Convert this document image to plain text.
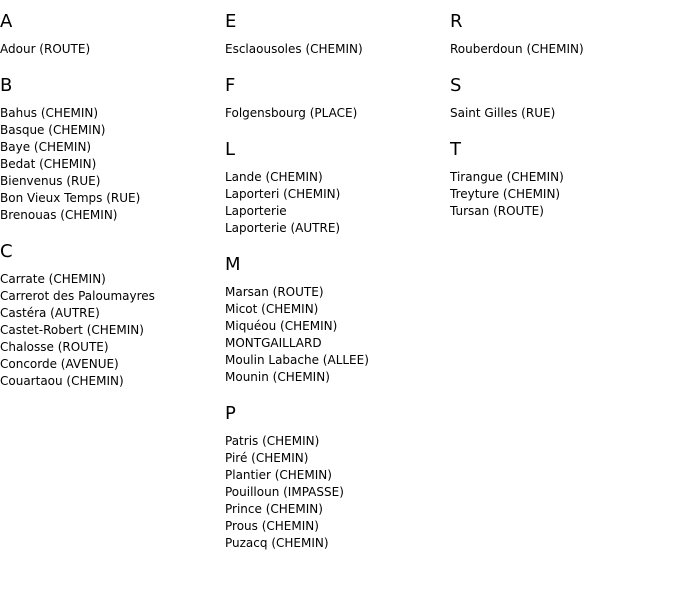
A
Adour (ROUTE)
B
Bahus (CHEMIN)
Basque (CHEMIN)
Baye (CHEMIN)
Bedat (CHEMIN)
Bienvenus (RUE)
Bon Vieux Temps (RUE)
Brenouas (CHEMIN)
C
Carrate (CHEMIN)
Carrerot des Paloumayres
Castéra (AUTRE)
Castet-Robert (CHEMIN)
Chalosse (ROUTE)
Concorde (AVENUE)
Couartaou (CHEMIN)
E
Esclaousoles (CHEMIN)
F
Folgensbourg (PLACE)
L
Lande (CHEMIN)
Laporteri (CHEMIN)
Laporterie
Laporterie (AUTRE)
M
Marsan (ROUTE)
Micot (CHEMIN)
Miquéou (CHEMIN)
MONTGAILLARD
Moulin Labache (ALLEE)
Mounin (CHEMIN)
P
Patris (CHEMIN)
Piré (CHEMIN)
Plantier (CHEMIN)
Pouilloun (IMPASSE)
Prince (CHEMIN)
Prous (CHEMIN)
Puzacq (CHEMIN)
R
Rouberdoun (CHEMIN)
S
Saint Gilles (RUE)
T
Tirangue (CHEMIN)
Treyture (CHEMIN)
Tursan (ROUTE)
